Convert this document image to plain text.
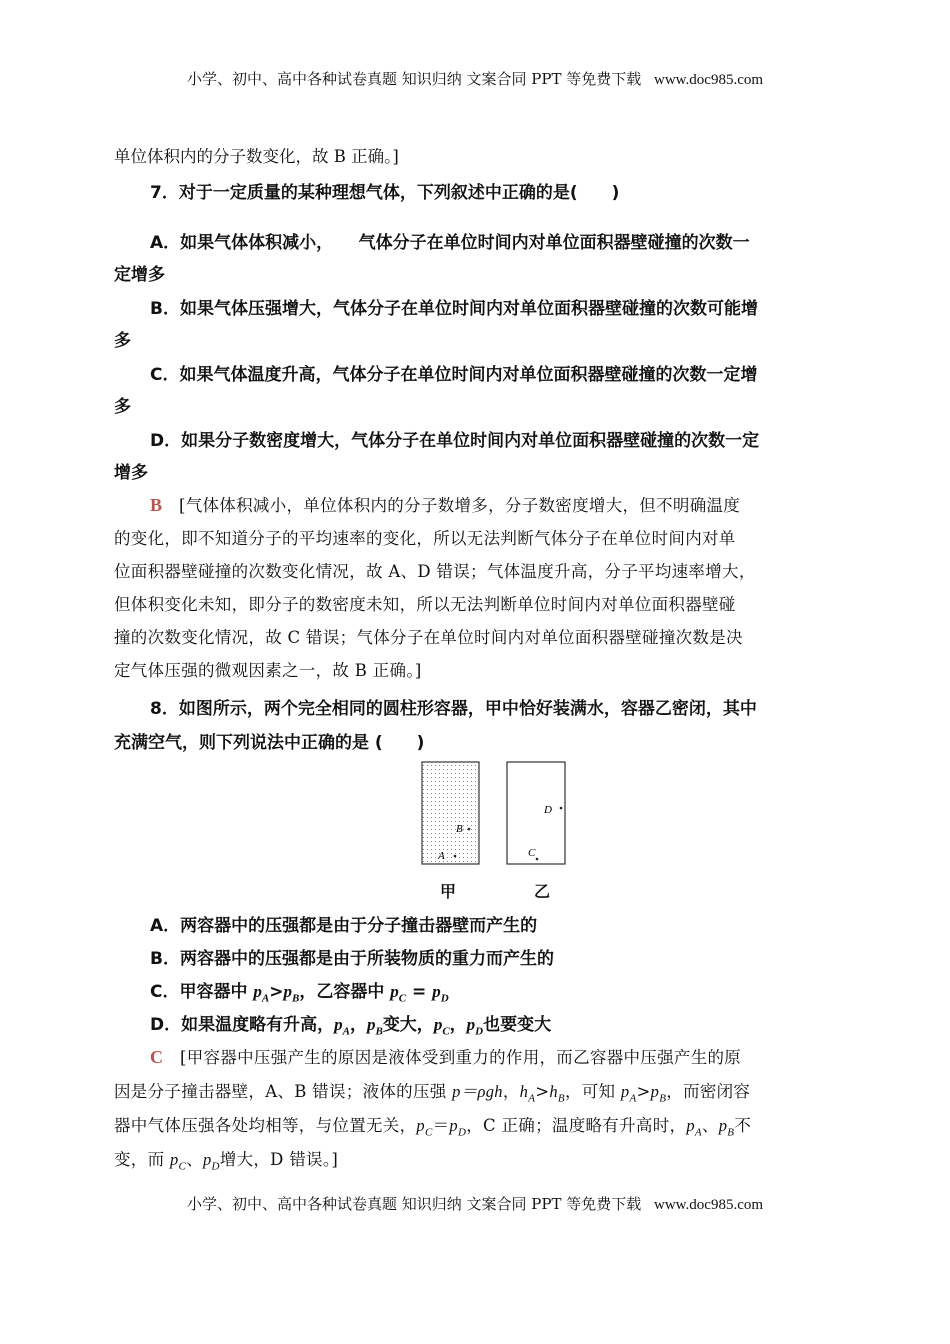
小学、初中、高中各种试卷真题 知识归纳 文案合同 PPT 等免费下载 www.doc985.com
单位体积内的分子数变化，故 B 正确。]
7．对于一定质量的某种理想气体，下列叙述中正确的是(　　)
A．如果气体体积减小，　　气体分子在单位时间内对单位面积器壁碰撞的次数一
定增多
B．如果气体压强增大，气体分子在单位时间内对单位面积器壁碰撞的次数可能增
多
C．如果气体温度升高，气体分子在单位时间内对单位面积器壁碰撞的次数一定增
多
D．如果分子数密度增大，气体分子在单位时间内对单位面积器壁碰撞的次数一定
增多
B [气体体积减小，单位体积内的分子数增多，分子数密度增大，但不明确温度
的变化，即不知道分子的平均速率的变化，所以无法判断气体分子在单位时间内对单
位面积器壁碰撞的次数变化情况，故 A、D 错误；气体温度升高，分子平均速率增大，
但体积变化未知，即分子的数密度未知，所以无法判断单位时间内对单位面积器壁碰
撞的次数变化情况，故 C 错误；气体分子在单位时间内对单位面积器壁碰撞次数是决
定气体压强的微观因素之一，故 B 正确。]
8．如图所示，两个完全相同的圆柱形容器，甲中恰好装满水，容器乙密闭，其中
充满空气，则下列说法中正确的是 (　　)
B
A
D
C
甲	乙
A．两容器中的压强都是由于分子撞击器壁而产生的
B．两容器中的压强都是由于所装物质的重力而产生的
C．甲容器中 $p_A>p_B$，乙容器中 $p_C = p_D$
D．如果温度略有升高，$p_A$，$p_B$变大，$p_C$，$p_D$也要变大
C [甲容器中压强产生的原因是液体受到重力的作用，而乙容器中压强产生的原
因是分子撞击器壁，A、B 错误；液体的压强 p＝ρgh，$h_A>h_B$，可知 $p_A>p_B$，而密闭容
器中气体压强各处均相等，与位置无关，$p_C=p_D$，C 正确；温度略有升高时，$p_A$、$p_B$不
变，而 $p_C$、$p_D$增大，D 错误。]
小学、初中、高中各种试卷真题 知识归纳 文案合同 PPT 等免费下载 www.doc985.com
